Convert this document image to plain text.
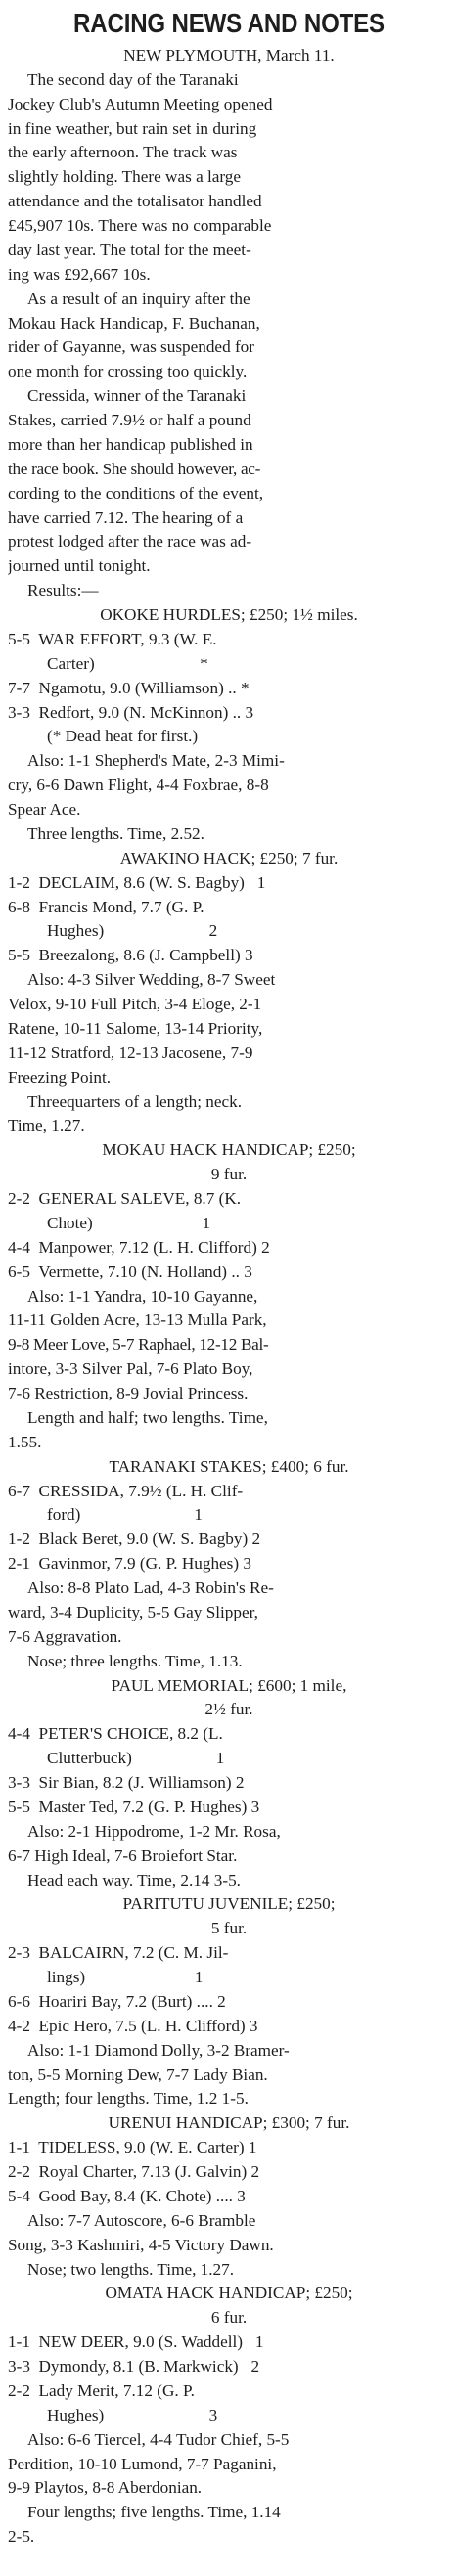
RACING NEWS AND NOTES
NEW PLYMOUTH, March 11.
The second day of the Taranaki
Jockey Club's Autumn Meeting opened
in fine weather, but rain set in during
the early afternoon. The track was
slightly holding. There was a large
attendance and the totalisator handled
£45,907 10s. There was no comparable
day last year. The total for the meet-
ing was £92,667 10s.
As a result of an inquiry after the
Mokau Hack Handicap, F. Buchanan,
rider of Gayanne, was suspended for
one month for crossing too quickly.
Cressida, winner of the Taranaki
Stakes, carried 7.9½ or half a pound
more than her handicap published in
the race book. She should however, ac-
cording to the conditions of the event,
have carried 7.12. The hearing of a
protest lodged after the race was ad-
journed until tonight.
Results:—
OKOKE HURDLES; £250; 1½ miles.
5-5  WAR EFFORT, 9.3 (W. E.
Carter)                         *
7-7  Ngamotu, 9.0 (Williamson) .. *
3-3  Redfort, 9.0 (N. McKinnon) .. 3
(* Dead heat for first.)
Also: 1-1 Shepherd's Mate, 2-3 Mimi-
cry, 6-6 Dawn Flight, 4-4 Foxbrae, 8-8
Spear Ace.
Three lengths. Time, 2.52.
AWAKINO HACK; £250; 7 fur.
1-2  DECLAIM, 8.6 (W. S. Bagby)   1
6-8  Francis Mond, 7.7 (G. P.
Hughes)                         2
5-5  Breezalong, 8.6 (J. Campbell) 3
Also: 4-3 Silver Wedding, 8-7 Sweet
Velox, 9-10 Full Pitch, 3-4 Eloge, 2-1
Ratene, 10-11 Salome, 13-14 Priority,
11-12 Stratford, 12-13 Jacosene, 7-9
Freezing Point.
Threequarters of a length; neck.
Time, 1.27.
MOKAU HACK HANDICAP; £250;
9 fur.
2-2  GENERAL SALEVE, 8.7 (K.
Chote)                          1
4-4  Manpower, 7.12 (L. H. Clifford) 2
6-5  Vermette, 7.10 (N. Holland) .. 3
Also: 1-1 Yandra, 10-10 Gayanne,
11-11 Golden Acre, 13-13 Mulla Park,
9-8 Meer Love, 5-7 Raphael, 12-12 Bal-
intore, 3-3 Silver Pal, 7-6 Plato Boy,
7-6 Restriction, 8-9 Jovial Princess.
Length and half; two lengths. Time,
1.55.
TARANAKI STAKES; £400; 6 fur.
6-7  CRESSIDA, 7.9½ (L. H. Clif-
ford)                           1
1-2  Black Beret, 9.0 (W. S. Bagby) 2
2-1  Gavinmor, 7.9 (G. P. Hughes) 3
Also: 8-8 Plato Lad, 4-3 Robin's Re-
ward, 3-4 Duplicity, 5-5 Gay Slipper,
7-6 Aggravation.
Nose; three lengths. Time, 1.13.
PAUL MEMORIAL; £600; 1 mile,
2½ fur.
4-4  PETER'S CHOICE, 8.2 (L.
Clutterbuck)                    1
3-3  Sir Bian, 8.2 (J. Williamson) 2
5-5  Master Ted, 7.2 (G. P. Hughes) 3
Also: 2-1 Hippodrome, 1-2 Mr. Rosa,
6-7 High Ideal, 7-6 Broiefort Star.
Head each way. Time, 2.14 3-5.
PARITUTU JUVENILE; £250;
5 fur.
2-3  BALCAIRN, 7.2 (C. M. Jil-
lings)                          1
6-6  Hoariri Bay, 7.2 (Burt) .... 2
4-2  Epic Hero, 7.5 (L. H. Clifford) 3
Also: 1-1 Diamond Dolly, 3-2 Bramer-
ton, 5-5 Morning Dew, 7-7 Lady Bian.
Length; four lengths. Time, 1.2 1-5.
URENUI HANDICAP; £300; 7 fur.
1-1  TIDELESS, 9.0 (W. E. Carter) 1
2-2  Royal Charter, 7.13 (J. Galvin) 2
5-4  Good Bay, 8.4 (K. Chote) .... 3
Also: 7-7 Autoscore, 6-6 Bramble
Song, 3-3 Kashmiri, 4-5 Victory Dawn.
Nose; two lengths. Time, 1.27.
OMATA HACK HANDICAP; £250;
6 fur.
1-1  NEW DEER, 9.0 (S. Waddell)   1
3-3  Dymondy, 8.1 (B. Markwick)   2
2-2  Lady Merit, 7.12 (G. P.
Hughes)                         3
Also: 6-6 Tiercel, 4-4 Tudor Chief, 5-5
Perdition, 10-10 Lumond, 7-7 Paganini,
9-9 Playtos, 8-8 Aberdonian.
Four lengths; five lengths. Time, 1.14
2-5.
